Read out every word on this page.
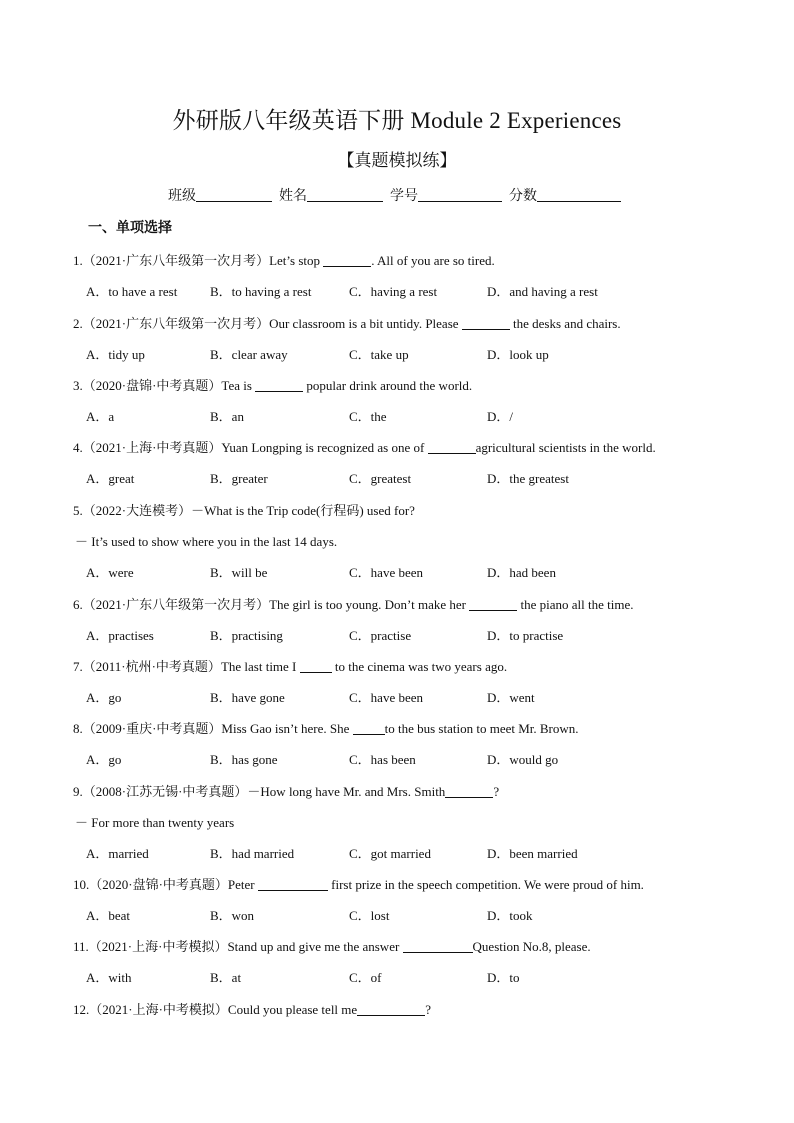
外研版八年级英语下册 Module 2 Experiences
【真题模拟练】
班级	姓名	学号	分数
一、单项选择
1.（2021·广东八年级第一次月考）Let’s stop	. All of you are so tired.
A．to have a rest	B．to having a rest	C．having a rest	D．and having a rest
2.（2021·广东八年级第一次月考）Our classroom is a bit untidy. Please	the desks and chairs.
A．tidy up	B．clear away	C．take up	D．look up
3.（2020·盘锦·中考真题）Tea is	popular drink around the world.
A．a	B．an	C．the	D．/
4.（2021·上海·中考真题）Yuan Longping is recognized as one of	agricultural scientists in the world.
A．great	B．greater	C．greatest	D．the greatest
5.（2022·大连模考）－What is the Trip code(行程码) used for?
－ It’s used to show where you in the last 14 days.
A．were	B．will be	C．have been	D．had been
6.（2021·广东八年级第一次月考）The girl is too young. Don’t make her	the piano all the time.
A．practises	B．practising	C．practise	D．to practise
7.（2011·杭州·中考真题）The last time I  to the cinema was two years ago.
A．go	B．have gone	C．have been	D．went
8.（2009·重庆·中考真题）Miss Gao isn’t here. She to the bus station to meet Mr. Brown.
A．go	B．has gone	C．has been	D．would go
9.（2008·江苏无锡·中考真题）－How long have Mr. and Mrs. Smith	?
－ For more than twenty years
A．married	B．had married	C．got married	D．been married
10.（2020·盘锦·中考真题）Peter	first prize in the speech competition. We were proud of him.
A．beat	B．won	C．lost	D．took
11.（2021·上海·中考模拟）Stand up and give me the answer	Question No.8, please.
A．with	B．at	C．of	D．to
12.（2021·上海·中考模拟）Could you please tell me	?
